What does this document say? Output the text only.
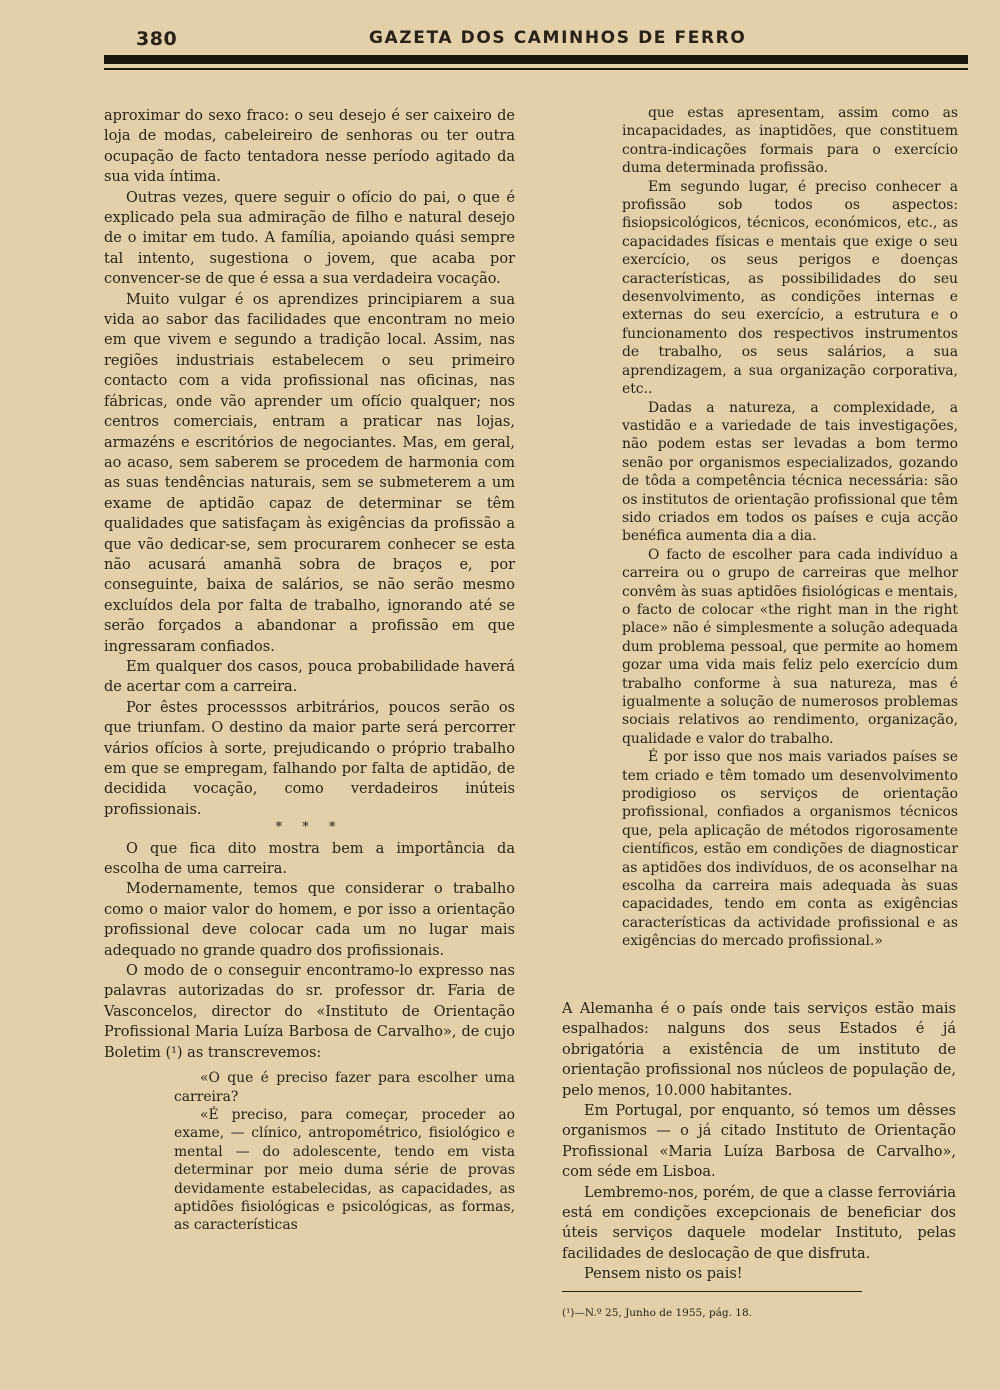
380	GAZETA DOS CAMINHOS DE FERRO

aproximar do sexo fraco: o seu desejo é ser caixeiro de loja de modas, cabeleireiro de senhoras ou ter outra ocupação de facto tentadora nesse período agitado da sua vida íntima.

Outras vezes, quere seguir o ofício do pai, o que é explicado pela sua admiração de filho e natural desejo de o imitar em tudo. A família, apoiando quási sempre tal intento, sugestiona o jovem, que acaba por convencer-se de que é essa a sua verdadeira vocação.

Muito vulgar é os aprendizes principiarem a sua vida ao sabor das facilidades que encontram no meio em que vivem e segundo a tradição local. Assim, nas regiões industriais estabelecem o seu primeiro contacto com a vida profissional nas oficinas, nas fábricas, onde vão aprender um ofício qualquer; nos centros comerciais, entram a praticar nas lojas, armazéns e escritórios de negociantes. Mas, em geral, ao acaso, sem saberem se procedem de harmonia com as suas tendências naturais, sem se submeterem a um exame de aptidão capaz de determinar se têm qualidades que satisfaçam às exigências da profissão a que vão dedicar-se, sem procurarem conhecer se esta não acusará amanhã sobra de braços e, por conseguinte, baixa de salários, se não serão mesmo excluídos dela por falta de trabalho, ignorando até se serão forçados a abandonar a profissão em que ingressaram confiados.

Em qualquer dos casos, pouca probabilidade haverá de acertar com a carreira.

Por êstes processsos arbitrários, poucos serão os que triunfam. O destino da maior parte será percorrer vários ofícios à sorte, prejudicando o próprio trabalho em que se empregam, falhando por falta de aptidão, de decidida vocação, como verdadeiros inúteis profissionais.

* * *

O que fica dito mostra bem a importância da escolha de uma carreira.

Modernamente, temos que considerar o trabalho como o maior valor do homem, e por isso a orientação profissional deve colocar cada um no lugar mais adequado no grande quadro dos profissionais.

O modo de o conseguir encontramo-lo expresso nas palavras autorizadas do sr. professor dr. Faria de Vasconcelos, director do «Instituto de Orientação Profissional Maria Luíza Barbosa de Carvalho», de cujo Boletim (¹) as transcrevemos:

«O que é preciso fazer para escolher uma carreira?

«É preciso, para começar, proceder ao exame, — clínico, antropométrico, fisiológico e mental — do adolescente, tendo em vista determinar por meio duma série de provas devidamente estabelecidas, as capacidades, as aptidões fisiológicas e psicológicas, as formas, as características

que estas apresentam, assim como as incapacidades, as inaptidões, que constituem contra-indicações formais para o exercício duma determinada profissão.

Em segundo lugar, é preciso conhecer a profissão sob todos os aspectos: fisiopsicológicos, técnicos, económicos, etc., as capacidades físicas e mentais que exige o seu exercício, os seus perigos e doenças características, as possibilidades do seu desenvolvimento, as condições internas e externas do seu exercício, a estrutura e o funcionamento dos respectivos instrumentos de trabalho, os seus salários, a sua aprendizagem, a sua organização corporativa, etc..

Dadas a natureza, a complexidade, a vastidão e a variedade de tais investigações, não podem estas ser levadas a bom termo senão por organismos especializados, gozando de tôda a competência técnica necessária: são os institutos de orientação profissional que têm sido criados em todos os países e cuja acção benéfica aumenta dia a dia.

O facto de escolher para cada indivíduo a carreira ou o grupo de carreiras que melhor convêm às suas aptidões fisiológicas e mentais, o facto de colocar «the right man in the right place» não é simplesmente a solução adequada dum problema pessoal, que permite ao homem gozar uma vida mais feliz pelo exercício dum trabalho conforme à sua natureza, mas é igualmente a solução de numerosos problemas sociais relativos ao rendimento, organização, qualidade e valor do trabalho.

É por isso que nos mais variados países se tem criado e têm tomado um desenvolvimento prodigioso os serviços de orientação profissional, confiados a organismos técnicos que, pela aplicação de métodos rigorosamente científicos, estão em condições de diagnosticar as aptidões dos indivíduos, de os aconselhar na escolha da carreira mais adequada às suas capacidades, tendo em conta as exigências características da actividade profissional e as exigências do mercado profissional.»

A Alemanha é o país onde tais serviços estão mais espalhados: nalguns dos seus Estados é já obrigatória a existência de um instituto de orientação profissional nos núcleos de população de, pelo menos, 10.000 habitantes.

Em Portugal, por enquanto, só temos um dêsses organismos — o já citado Instituto de Orientação Profissional «Maria Luíza Barbosa de Carvalho», com séde em Lisboa.

Lembremo-nos, porém, de que a classe ferroviária está em condições excepcionais de beneficiar dos úteis serviços daquele modelar Instituto, pelas facilidades de deslocação de que disfruta.

Pensem nisto os pais!

(¹)—N.º 25, Junho de 1955, pág. 18.
